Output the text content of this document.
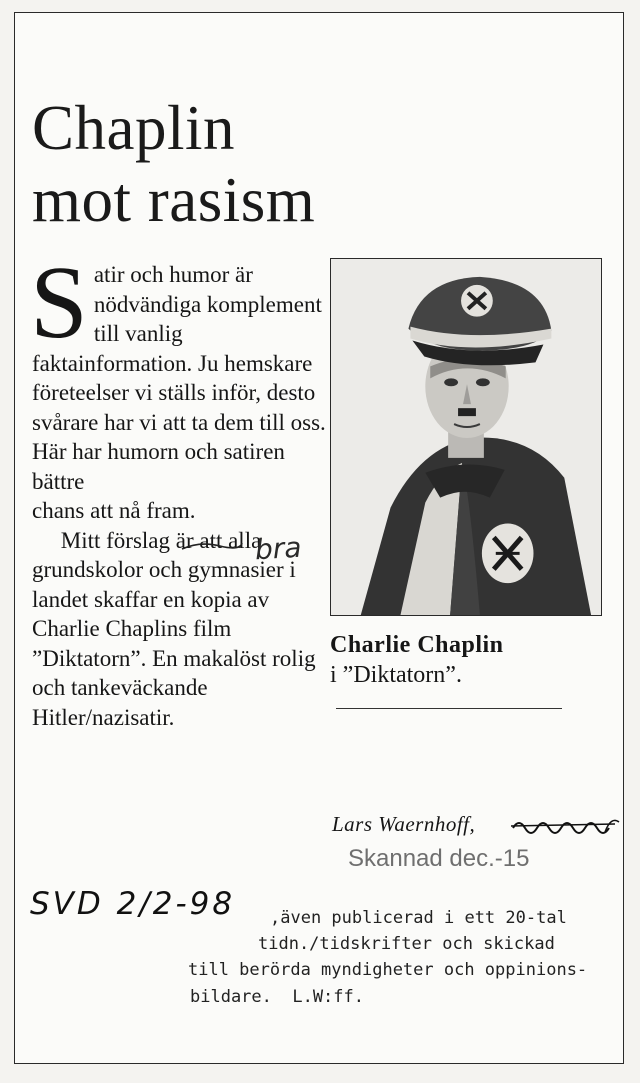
Chaplin
mot rasism

Satir och humor är nödvändiga komplement till vanlig faktainformation. Ju hemskare företeelser vi ställs inför, desto svårare har vi att ta dem till oss. Här har humorn och satiren bättre
chans att nå fram.
Mitt förslag är att alla grundskolor och gymnasier i landet skaffar en kopia av Charlie Chaplins film ”Diktatorn”. En makalöst rolig och tankeväckande Hitler/nazisatir.

bra
Charlie Chaplin
i ”Diktatorn”.
Lars Waernhoff,
Skannad dec.-15
SVD 2/2-98 ,även publicerad i ett 20-tal
tidn./tidskrifter och skickad
till berörda myndigheter och oppinions-
bildare.  L.W:ff.
